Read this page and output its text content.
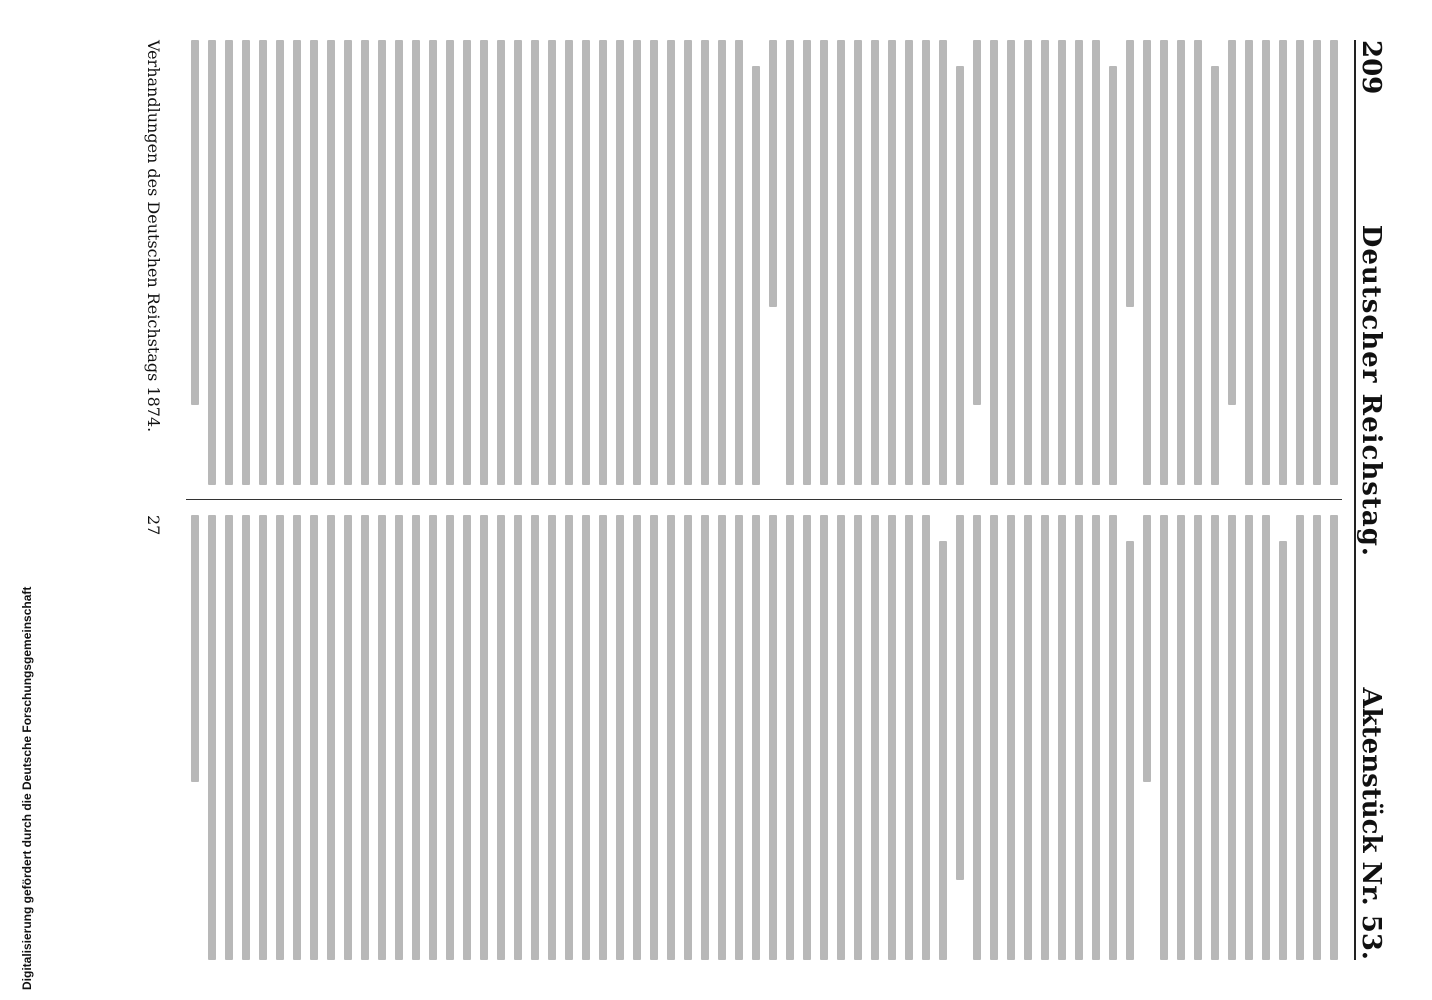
Digitalisierung gefördert durch die Deutsche Forschungsgemeinschaft
209
Deutscher Reichstag.
Aktenstück Nr. 53.
Verhandlungen des Deutschen Reichstags 1874.
27
